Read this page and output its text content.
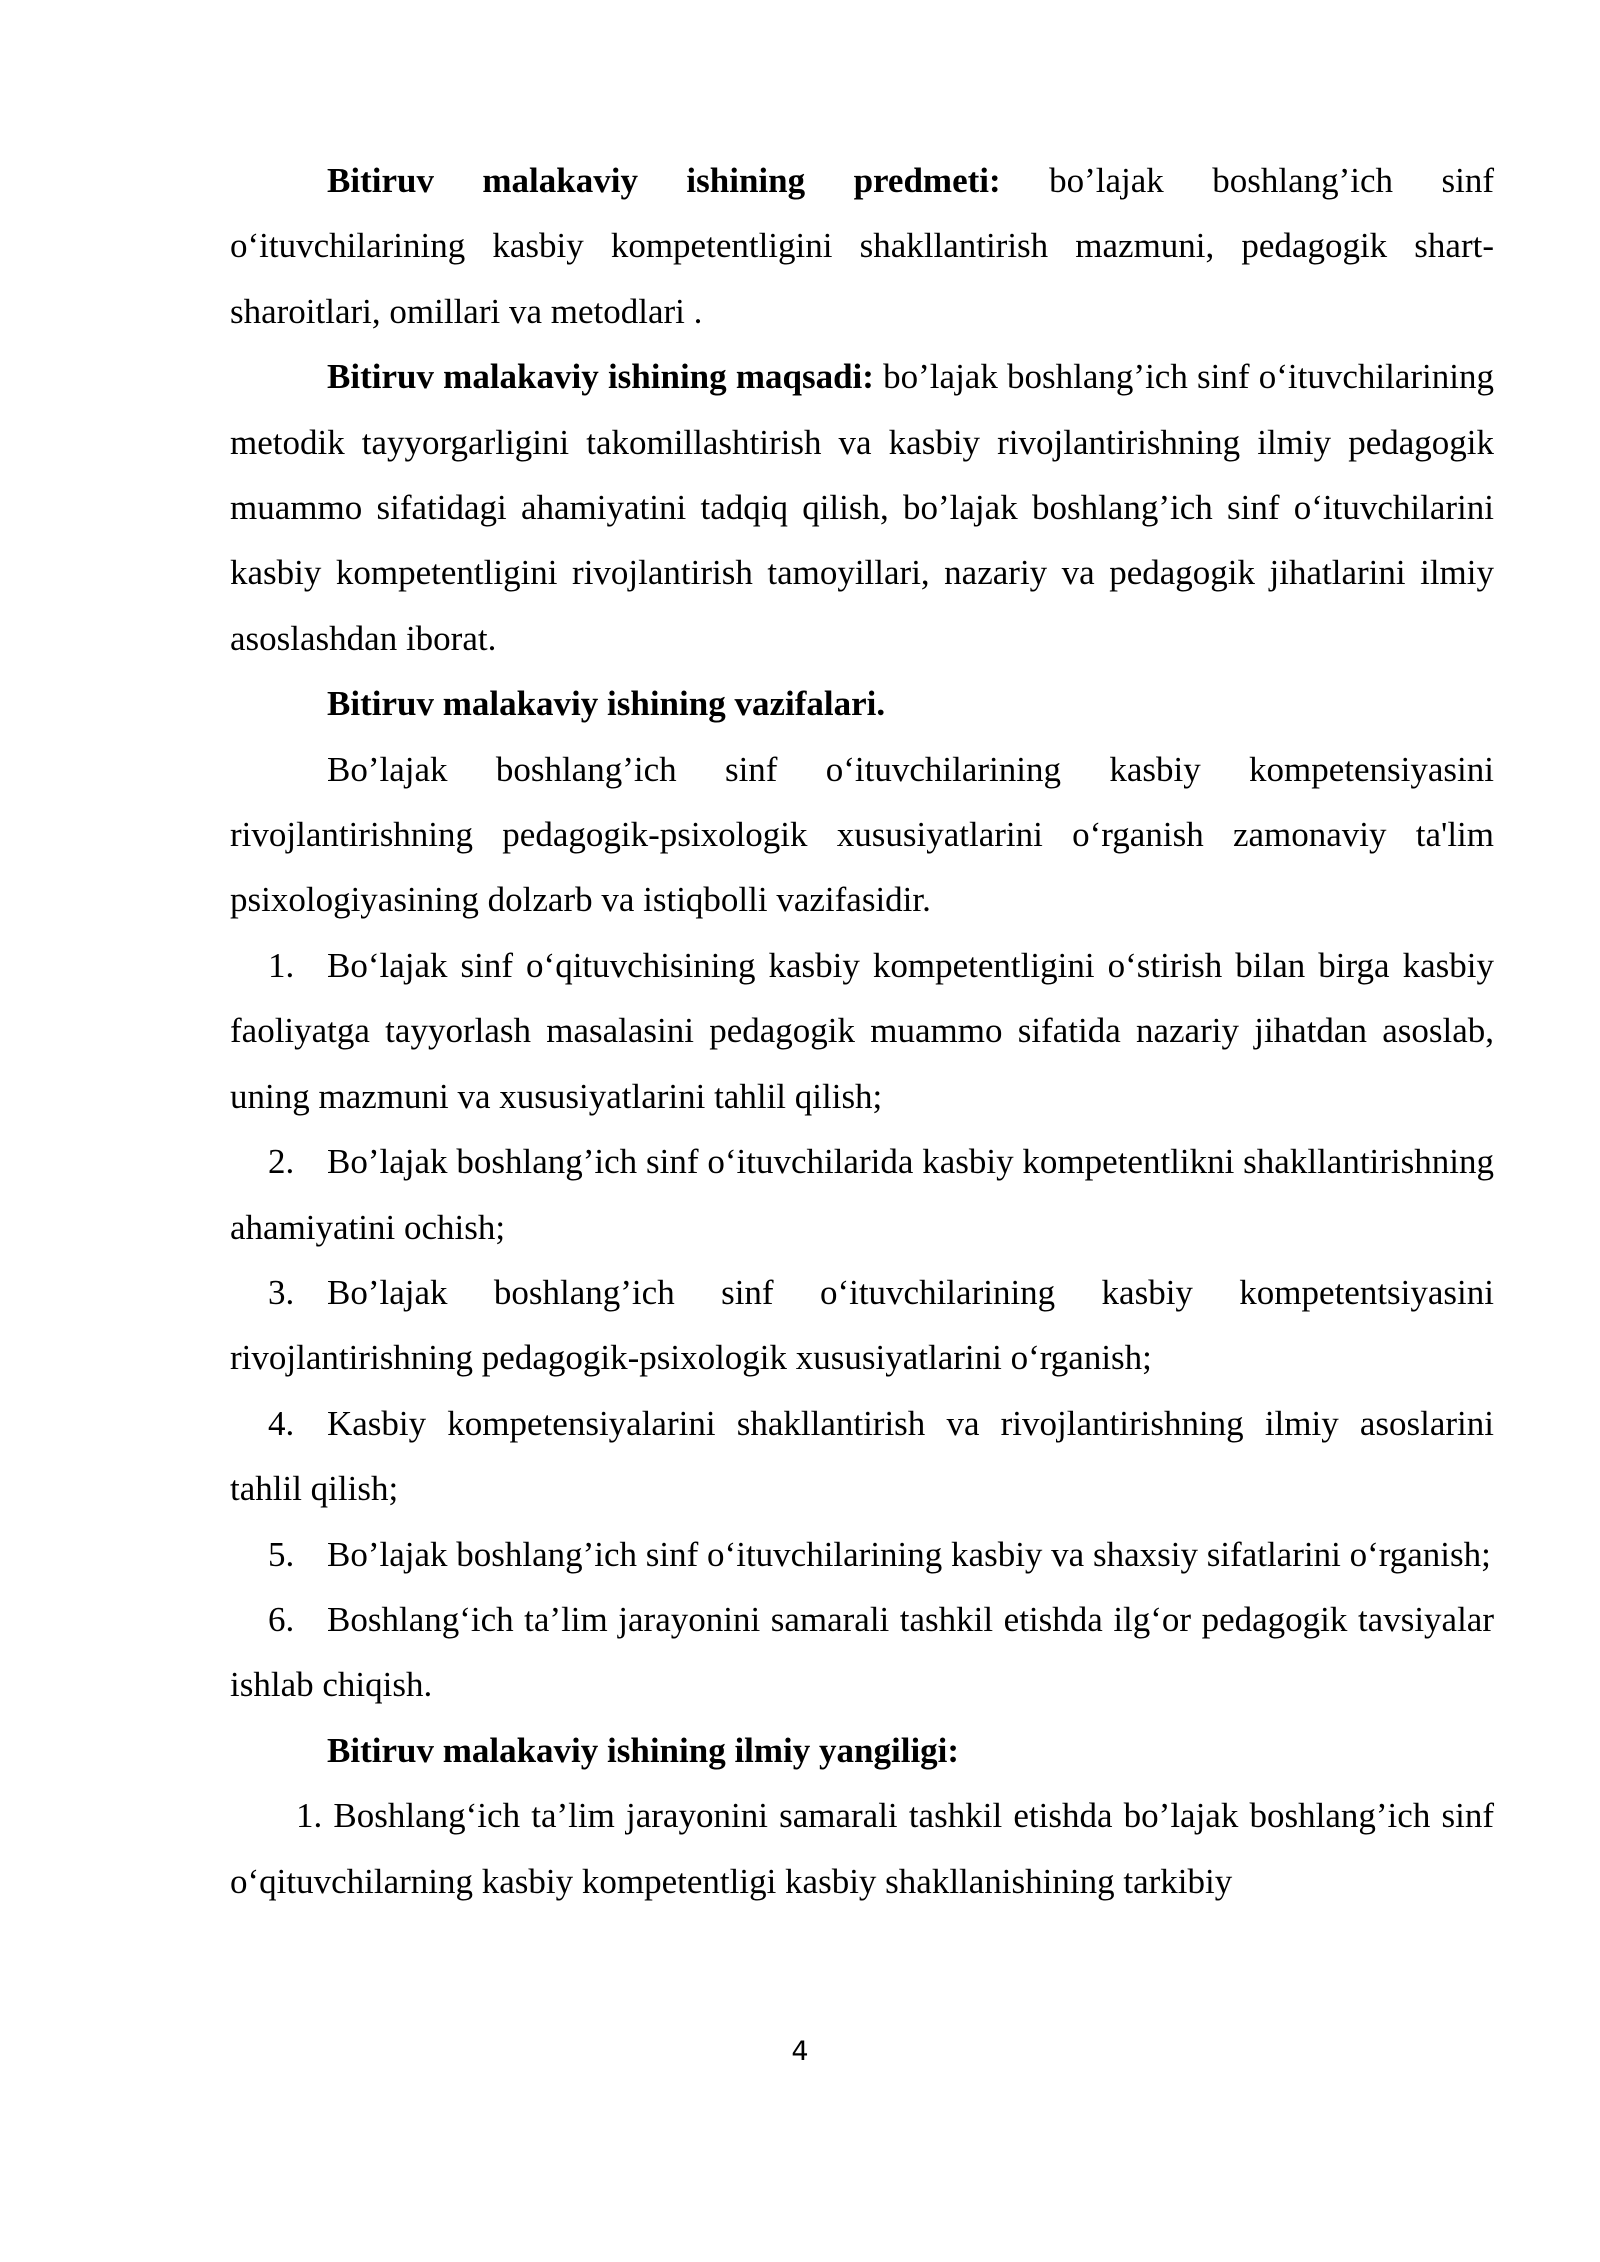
Bitiruv malakaviy ishining predmeti: bo’lajak boshlang’ich sinf o‘ituvchilarining kasbiy kompetentligini shakllantirish mazmuni, pedagogik shart-sharoitlari, omillari va metodlari .

Bitiruv malakaviy ishining maqsadi: bo’lajak boshlang’ich sinf o‘ituvchilarining metodik tayyorgarligini takomillashtirish va kasbiy rivojlantirishning ilmiy pedagogik muammo sifatidagi ahamiyatini tadqiq qilish, bo’lajak boshlang’ich sinf o‘ituvchilarini kasbiy kompetentligini rivojlantirish tamoyillari, nazariy va pedagogik jihatlarini ilmiy asoslashdan iborat.

Bitiruv malakaviy ishining vazifalari.

Bo’lajak boshlang’ich sinf o‘ituvchilarining kasbiy kompetensiyasini rivojlantirishning pedagogik-psixologik xususiyatlarini o‘rganish zamonaviy ta'lim psixologiyasining dolzarb va istiqbolli vazifasidir.

1. Bo‘lajak sinf o‘qituvchisining kasbiy kompetentligini o‘stirish bilan birga kasbiy faoliyatga tayyorlash masalasini pedagogik muammo sifatida nazariy jihatdan asoslab, uning mazmuni va xususiyatlarini tahlil qilish;

2. Bo’lajak boshlang’ich sinf o‘ituvchilarida kasbiy kompetentlikni shakllantirishning ahamiyatini ochish;

3. Bo’lajak boshlang’ich sinf o‘ituvchilarining kasbiy kompetentsiyasini rivojlantirishning pedagogik-psixologik xususiyatlarini o‘rganish;

4. Kasbiy kompetensiyalarini shakllantirish va rivojlantirishning ilmiy asoslarini tahlil qilish;

5. Bo’lajak boshlang’ich sinf o‘ituvchilarining kasbiy va shaxsiy sifatlarini o‘rganish;

6. Boshlang‘ich ta’lim jarayonini samarali tashkil etishda ilg‘or pedagogik tavsiyalar ishlab chiqish.

Bitiruv malakaviy ishining ilmiy yangiligi:

1. Boshlang‘ich ta’lim jarayonini samarali tashkil etishda bo’lajak boshlang’ich sinf o‘qituvchilarning kasbiy kompetentligi kasbiy shakllanishining tarkibiy

4
